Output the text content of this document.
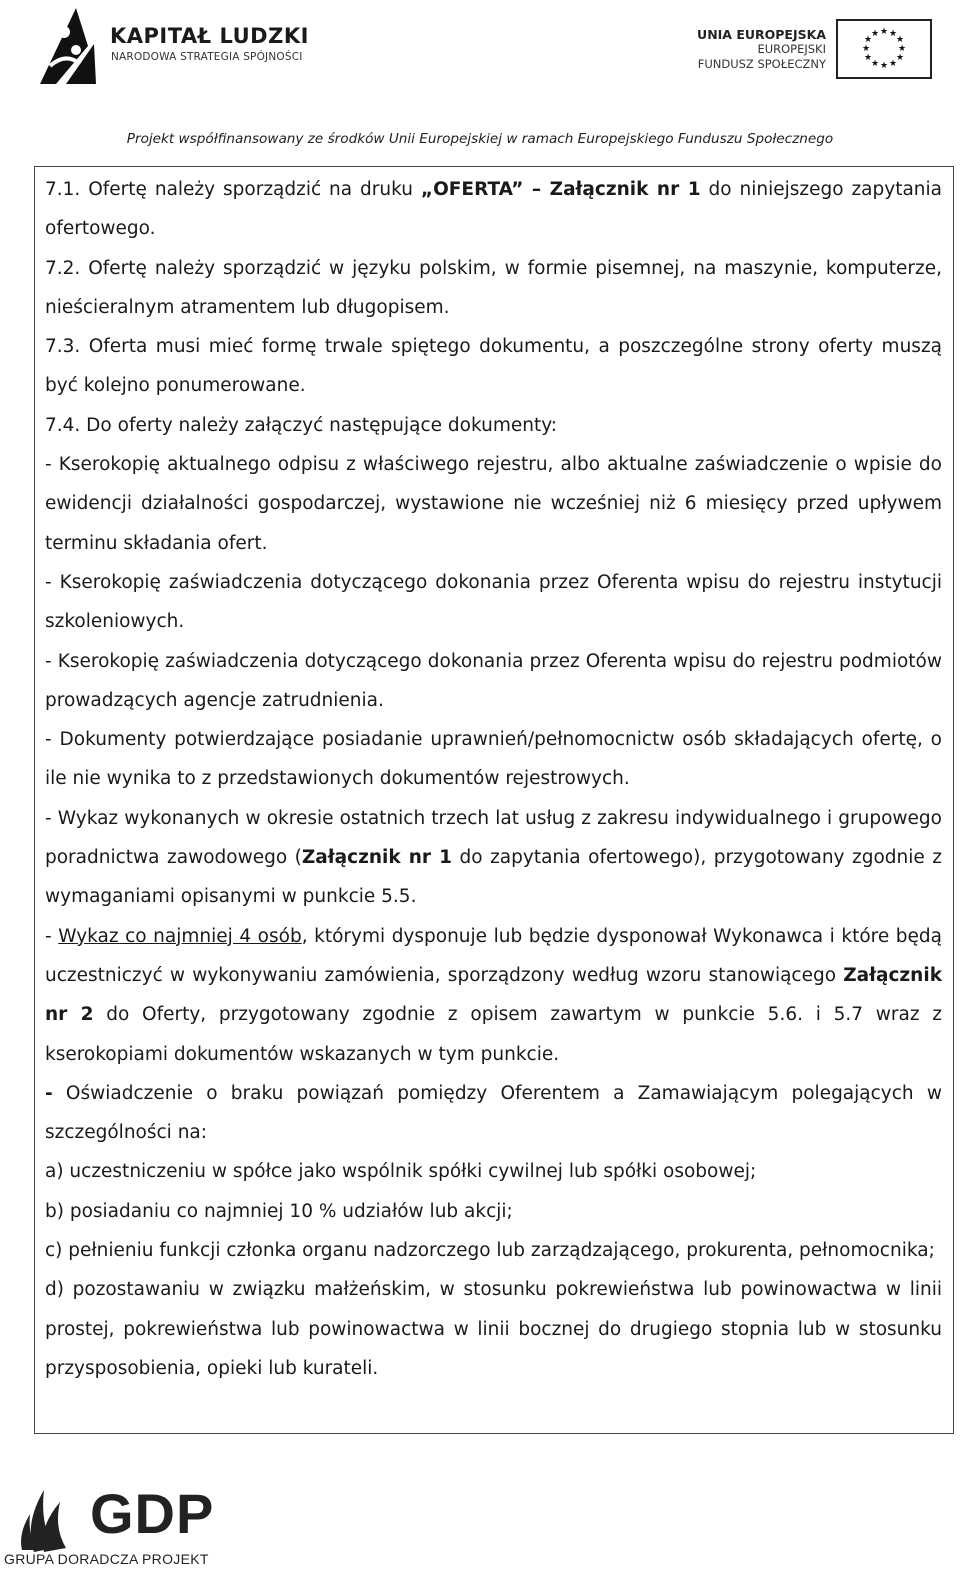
KAPITAŁ LUDZKI
NARODOWA STRATEGIA SPÓJNOŚCI
UNIA EUROPEJSKA
EUROPEJSKI
FUNDUSZ SPOŁECZNY
★ ★
★
★
★
★
★
★
★
★
★
★
Projekt współfinansowany ze środków Unii Europejskiej w ramach Europejskiego Funduszu Społecznego

7.1. Ofertę należy sporządzić na druku „OFERTA” – Załącznik nr 1 do niniejszego zapytania ofertowego.

7.2. Ofertę należy sporządzić w języku polskim, w formie pisemnej, na maszynie, komputerze, nieścieralnym atramentem lub długopisem.

7.3. Oferta musi mieć formę trwale spiętego dokumentu, a poszczególne strony oferty muszą być kolejno ponumerowane.

7.4. Do oferty należy załączyć następujące dokumenty:

- Kserokopię aktualnego odpisu z właściwego rejestru, albo aktualne zaświadczenie o wpisie do ewidencji działalności gospodarczej, wystawione nie wcześniej niż 6 miesięcy przed upływem terminu składania ofert.

- Kserokopię zaświadczenia dotyczącego dokonania przez Oferenta wpisu do rejestru instytucji szkoleniowych.

- Kserokopię zaświadczenia dotyczącego dokonania przez Oferenta wpisu do rejestru podmiotów prowadzących agencje zatrudnienia.

- Dokumenty potwierdzające posiadanie uprawnień/pełnomocnictw osób składających ofertę, o ile nie wynika to z przedstawionych dokumentów rejestrowych.

- Wykaz wykonanych w okresie ostatnich trzech lat usług z zakresu indywidualnego i grupowego poradnictwa zawodowego (Załącznik nr 1 do zapytania ofertowego), przygotowany zgodnie z wymaganiami opisanymi w punkcie 5.5.

- Wykaz co najmniej 4 osób, którymi dysponuje lub będzie dysponował Wykonawca i które będą uczestniczyć w wykonywaniu zamówienia, sporządzony według wzoru stanowiącego Załącznik nr 2 do Oferty, przygotowany zgodnie z opisem zawartym w punkcie 5.6. i 5.7 wraz z kserokopiami dokumentów wskazanych w tym punkcie.

- Oświadczenie o braku powiązań pomiędzy Oferentem a Zamawiającym polegających w szczególności na:

a) uczestniczeniu w spółce jako wspólnik spółki cywilnej lub spółki osobowej;

b) posiadaniu co najmniej 10 % udziałów lub akcji;

c) pełnieniu funkcji członka organu nadzorczego lub zarządzającego, prokurenta, pełnomocnika;

d) pozostawaniu w związku małżeńskim, w stosunku pokrewieństwa lub powinowactwa w linii prostej, pokrewieństwa lub powinowactwa w linii bocznej do drugiego stopnia lub w stosunku przysposobienia, opieki lub kurateli.

GDP
GRUPA DORADCZA PROJEKT
